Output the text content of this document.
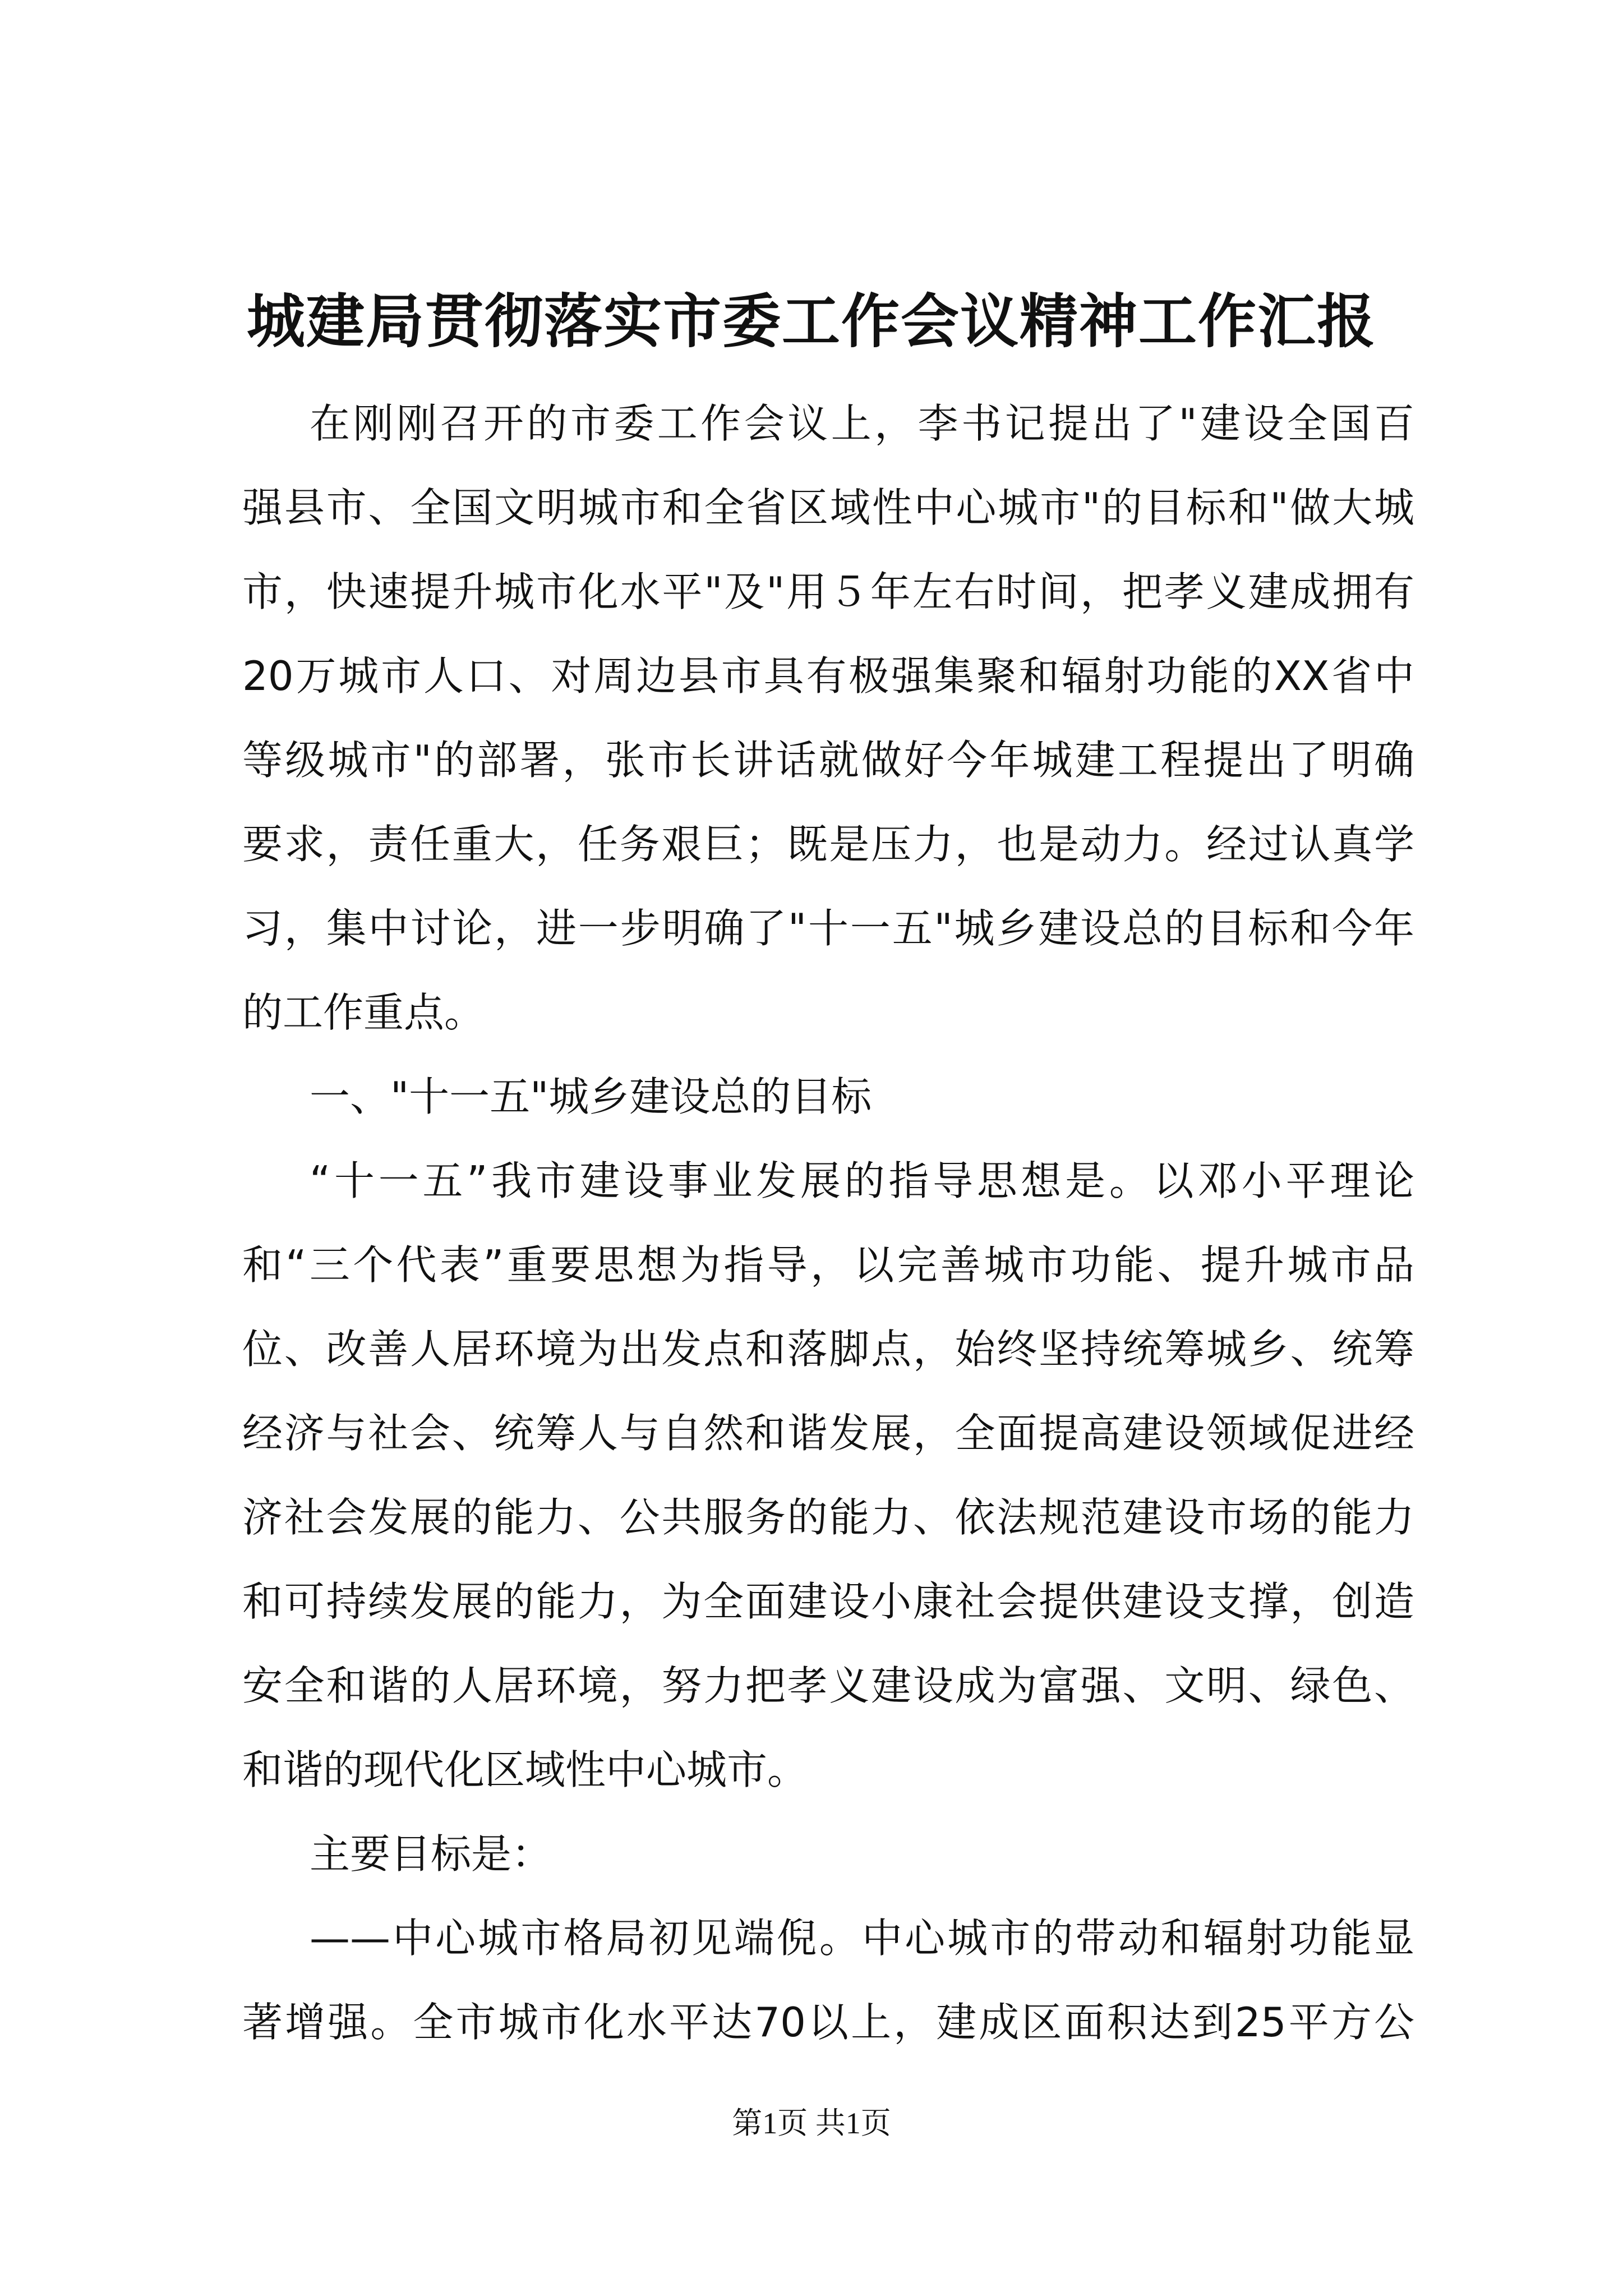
城建局贯彻落实市委工作会议精神工作汇报
在刚刚召开的市委工作会议上，李书记提出了"建设全国百
强县市、全国文明城市和全省区域性中心城市"的目标和"做大城
市，快速提升城市化水平"及"用５年左右时间，把孝义建成拥有
20万城市人口、对周边县市具有极强集聚和辐射功能的XX省中
等级城市"的部署，张市长讲话就做好今年城建工程提出了明确
要求，责任重大，任务艰巨；既是压力，也是动力。经过认真学
习，集中讨论，进一步明确了"十一五"城乡建设总的目标和今年
的工作重点。
一、"十一五"城乡建设总的目标
“十一五”我市建设事业发展的指导思想是。以邓小平理论
和“三个代表”重要思想为指导，以完善城市功能、提升城市品
位、改善人居环境为出发点和落脚点，始终坚持统筹城乡、统筹
经济与社会、统筹人与自然和谐发展，全面提高建设领域促进经
济社会发展的能力、公共服务的能力、依法规范建设市场的能力
和可持续发展的能力，为全面建设小康社会提供建设支撑，创造
安全和谐的人居环境，努力把孝义建设成为富强、文明、绿色、
和谐的现代化区域性中心城市。
主要目标是：
——中心城市格局初见端倪。中心城市的带动和辐射功能显
著增强。全市城市化水平达70以上，建成区面积达到25平方公
第1页 共1页
